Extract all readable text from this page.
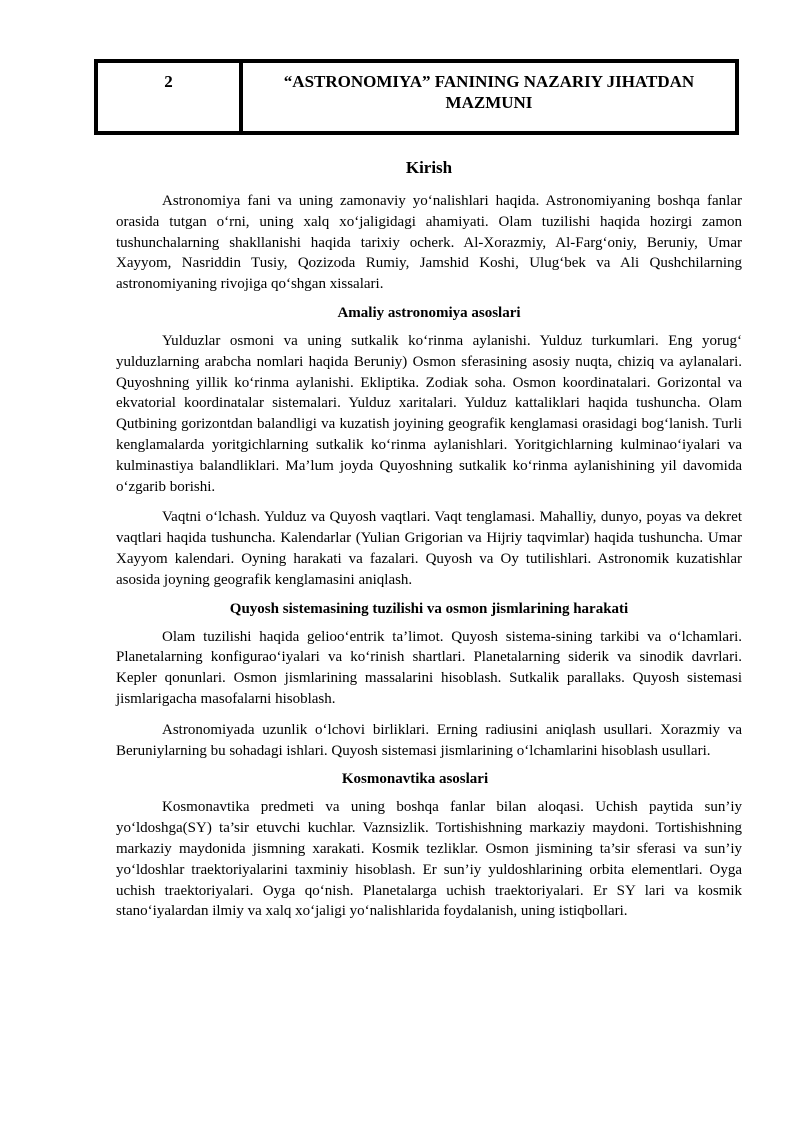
2	“ASTRONOMIYA” FANINING NAZARIY JIHATDAN MAZMUNI
Kirish

Astronomiya fani va uning zamonaviy yo‘nalishlari haqida. Astronomiyaning boshqa fanlar orasida tutgan o‘rni, uning xalq xo‘jaligidagi ahamiyati. Olam tuzilishi haqida hozirgi zamon tushunchalarning shakllanishi haqida tarixiy ocherk. Al-Xorazmiy, Al-Farg‘oniy, Beruniy, Umar Xayyom, Nasriddin Tusiy, Qozizoda Rumiy, Jamshid Koshi, Ulug‘bek va Ali Qushchilarning astronomiyaning rivojiga qo‘shgan xissalari.

Amaliy astronomiya asoslari

Yulduzlar osmoni va uning sutkalik ko‘rinma aylanishi. Yulduz turkumlari. Eng yorug‘ yulduzlarning arabcha nomlari haqida Beruniy) Osmon sferasining asosiy nuqta, chiziq va aylanalari. Quyoshning yillik ko‘rinma aylanishi. Ekliptika. Zodiak soha. Osmon koordinatalari. Gorizontal va ekvatorial koordinatalar sistemalari. Yulduz xaritalari. Yulduz kattaliklari haqida tushuncha. Olam Qutbining gorizontdan balandligi va kuzatish joyining geografik kenglamasi orasidagi bog‘lanish. Turli kenglamalarda yoritgichlarning sutkalik ko‘rinma aylanishlari. Yoritgichlarning kulminao‘iyalari va kulminastiya balandliklari. Ma’lum joyda Quyoshning sutkalik ko‘rinma aylanishining yil davomida o‘zgarib borishi.

Vaqtni o‘lchash. Yulduz va Quyosh vaqtlari. Vaqt tenglamasi. Mahalliy, dunyo, poyas va dekret vaqtlari haqida tushuncha. Kalendarlar (Yulian Grigorian va Hijriy taqvimlar) haqida tushuncha. Umar Xayyom kalendari. Oyning harakati va fazalari. Quyosh va Oy tutilishlari. Astronomik kuzatishlar asosida joyning geografik kenglamasini aniqlash.

Quyosh sistemasining tuzilishi va osmon jismlarining harakati

Olam tuzilishi haqida gelioo‘entrik ta’limot. Quyosh sistema-sining tarkibi va o‘lchamlari. Planetalarning konfigurao‘iyalari va ko‘rinish shartlari. Planetalarning siderik va sinodik davrlari. Kepler qonunlari. Osmon jismlarining massalarini hisoblash. Sutkalik parallaks. Quyosh sistemasi jismlarigacha masofalarni hisoblash.

Astronomiyada uzunlik o‘lchovi birliklari. Erning radiusini aniqlash usullari. Xorazmiy va Beruniylarning bu sohadagi ishlari. Quyosh sistemasi jismlarining o‘lchamlarini hisoblash usullari.

Kosmonavtika asoslari

Kosmonavtika predmeti va uning boshqa fanlar bilan aloqasi. Uchish paytida sun’iy yo‘ldoshga(SY) ta’sir etuvchi kuchlar. Vaznsizlik. Tortishishning markaziy maydoni. Tortishishning markaziy maydonida jismning xarakati. Kosmik tezliklar. Osmon jismining ta’sir sferasi va sun’iy yo‘ldoshlar traektoriyalarini taxminiy hisoblash. Er sun’iy yuldoshlarining orbita elementlari. Oyga uchish traektoriyalari. Oyga qo‘nish. Planetalarga uchish traektoriyalari. Er SY lari va kosmik stano‘iyalardan ilmiy va xalq xo‘jaligi yo‘nalishlarida foydalanish, uning istiqbollari.
